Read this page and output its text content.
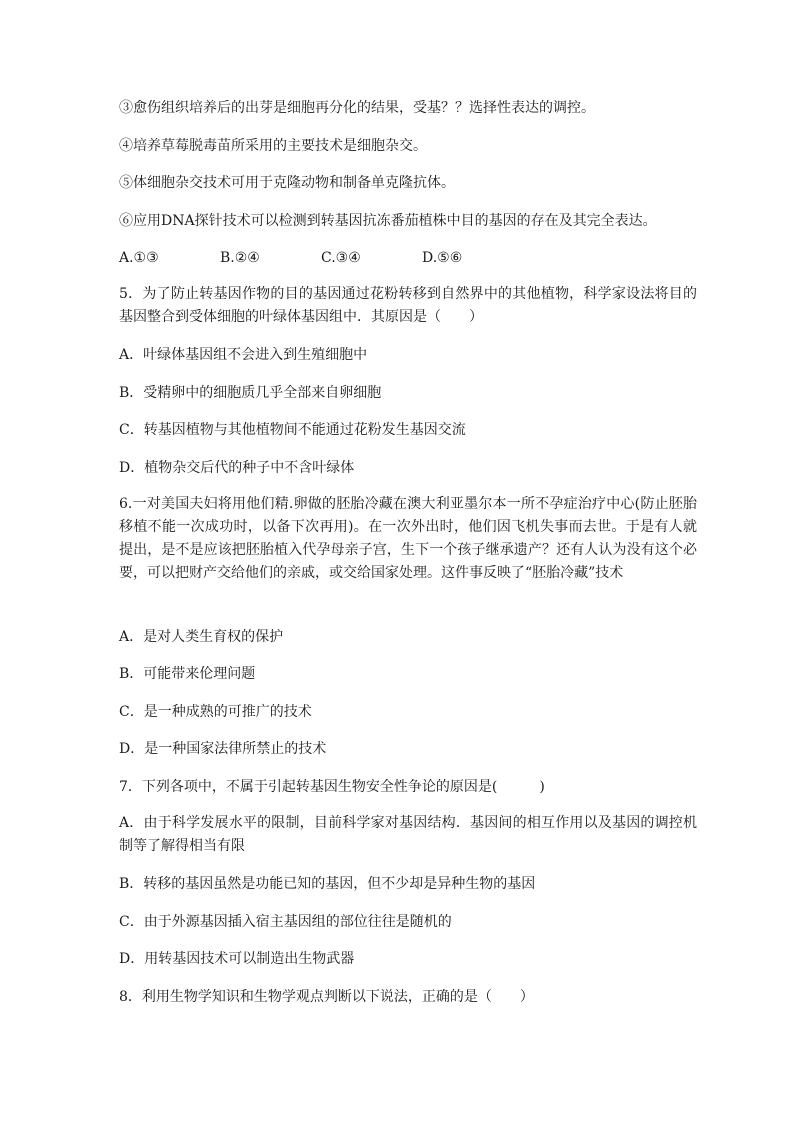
③愈伤组织培养后的出芽是细胞再分化的结果，受基？？选择性表达的调控。
④培养草莓脱毒苗所采用的主要技术是细胞杂交。
⑤体细胞杂交技术可用于克隆动物和制备单克隆抗体。
⑥应用DNA探针技术可以检测到转基因抗冻番茄植株中目的基因的存在及其完全表达。
A.①③	B.②④	C.③④	D.⑤⑥
5．为了防止转基因作物的目的基因通过花粉转移到自然界中的其他植物，科学家设法将目的基因整合到受体细胞的叶绿体基因组中．其原因是（　　）
A．叶绿体基因组不会进入到生殖细胞中
B．受精卵中的细胞质几乎全部来自卵细胞
C．转基因植物与其他植物间不能通过花粉发生基因交流
D．植物杂交后代的种子中不含叶绿体
6.一对美国夫妇将用他们精.卵做的胚胎冷藏在澳大利亚墨尔本一所不孕症治疗中心(防止胚胎移植不能一次成功时，以备下次再用)。在一次外出时，他们因飞机失事而去世。于是有人就提出，是不是应该把胚胎植入代孕母亲子宫，生下一个孩子继承遗产？还有人认为没有这个必要，可以把财产交给他们的亲戚，或交给国家处理。这件事反映了“胚胎冷藏”技术
A．是对人类生育权的保护
B．可能带来伦理问题
C．是一种成熟的可推广的技术
D．是一种国家法律所禁止的技术
7．下列各项中，不属于引起转基因生物安全性争论的原因是(　　　)
A．由于科学发展水平的限制，目前科学家对基因结构．基因间的相互作用以及基因的调控机制等了解得相当有限
B．转移的基因虽然是功能已知的基因，但不少却是异种生物的基因
C．由于外源基因插入宿主基因组的部位往往是随机的
D．用转基因技术可以制造出生物武器
8．利用生物学知识和生物学观点判断以下说法，正确的是（　　）
